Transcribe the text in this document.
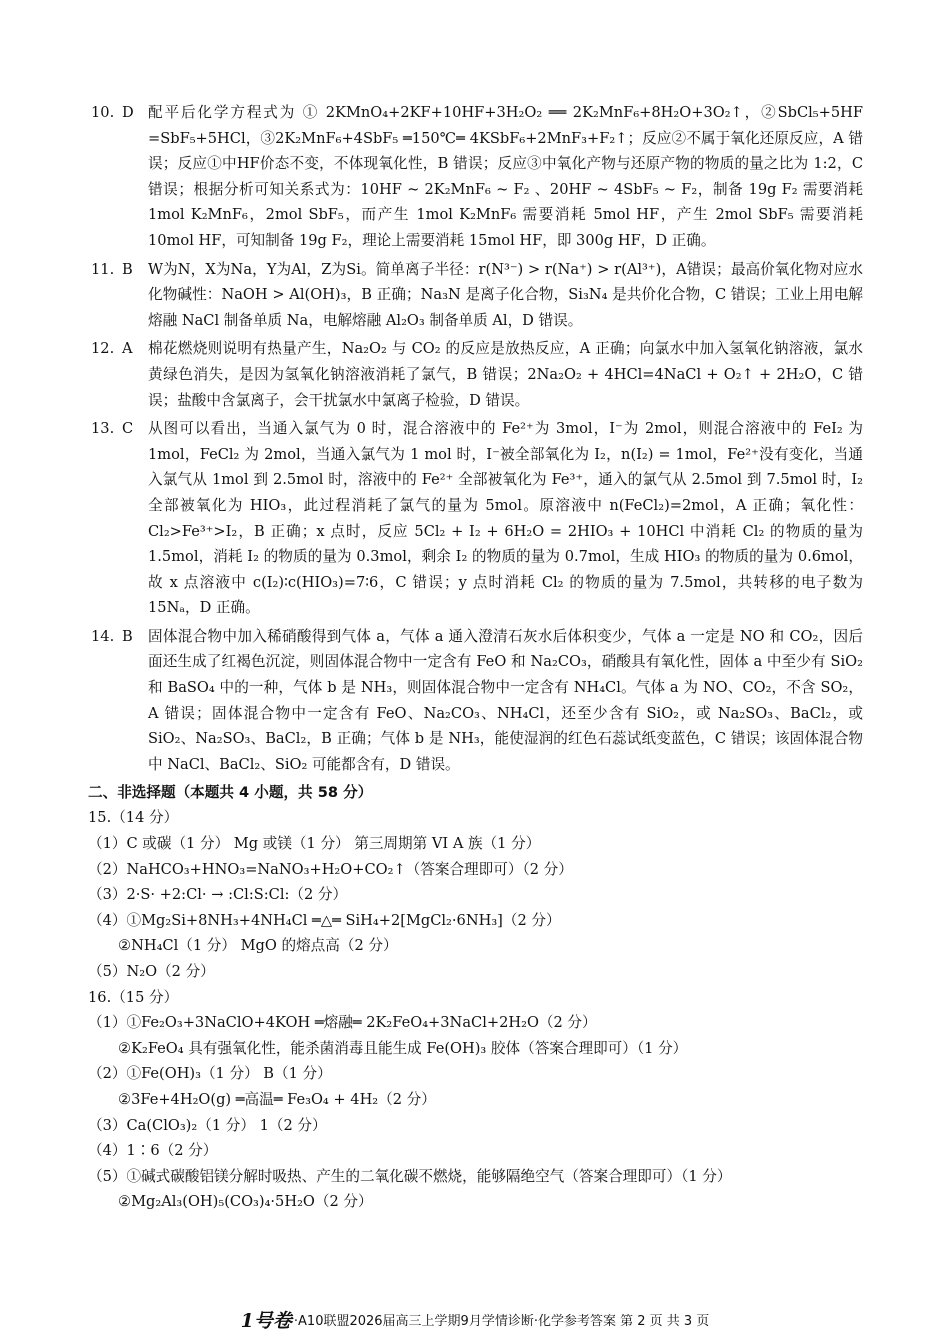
10. D 配平后化学方程式为 ① 2KMnO₄+2KF+10HF+3H₂O₂ ══ 2K₂MnF₆+8H₂O+3O₂↑，②SbCl₅+5HF =SbF₅+5HCl，③2K₂MnF₆+4SbF₅ ═150℃═ 4KSbF₆+2MnF₃+F₂↑；反应②不属于氧化还原反应，A 错误；反应①中HF价态不变，不体现氧化性，B 错误；反应③中氧化产物与还原产物的物质的量之比为 1:2，C 错误；根据分析可知关系式为：10HF ~ 2K₂MnF₆ ~ F₂ 、20HF ~ 4SbF₅ ~ F₂，制备 19g F₂ 需要消耗 1mol K₂MnF₆，2mol SbF₅，而产生 1mol K₂MnF₆ 需要消耗 5mol HF，产生 2mol SbF₅ 需要消耗 10mol HF，可知制备 19g F₂，理论上需要消耗 15mol HF，即 300g HF，D 正确。
11. B W为N，X为Na，Y为Al，Z为Si。简单离子半径：r(N³⁻) > r(Na⁺) > r(Al³⁺)，A错误；最高价氧化物对应水化物碱性：NaOH > Al(OH)₃，B 正确；Na₃N 是离子化合物，Si₃N₄ 是共价化合物，C 错误；工业上用电解熔融 NaCl 制备单质 Na，电解熔融 Al₂O₃ 制备单质 Al，D 错误。
12. A 棉花燃烧则说明有热量产生，Na₂O₂ 与 CO₂ 的反应是放热反应，A 正确；向氯水中加入氢氧化钠溶液，氯水黄绿色消失，是因为氢氧化钠溶液消耗了氯气，B 错误；2Na₂O₂ + 4HCl=4NaCl + O₂↑ + 2H₂O，C 错误；盐酸中含氯离子，会干扰氯水中氯离子检验，D 错误。
13. C 从图可以看出，当通入氯气为 0 时，混合溶液中的 Fe²⁺为 3mol，I⁻为 2mol，则混合溶液中的 FeI₂ 为 1mol，FeCl₂ 为 2mol，当通入氯气为 1 mol 时，I⁻被全部氧化为 I₂，n(I₂) = 1mol，Fe²⁺没有变化，当通入氯气从 1mol 到 2.5mol 时，溶液中的 Fe²⁺ 全部被氧化为 Fe³⁺，通入的氯气从 2.5mol 到 7.5mol 时，I₂ 全部被氧化为 HIO₃，此过程消耗了氯气的量为 5mol。原溶液中 n(FeCl₂)=2mol，A 正确；氧化性：Cl₂>Fe³⁺>I₂，B 正确；x 点时，反应 5Cl₂ + I₂ + 6H₂O = 2HIO₃ + 10HCl 中消耗 Cl₂ 的物质的量为 1.5mol，消耗 I₂ 的物质的量为 0.3mol，剩余 I₂ 的物质的量为 0.7mol，生成 HIO₃ 的物质的量为 0.6mol，故 x 点溶液中 c(I₂)∶c(HIO₃)=7∶6，C 错误；y 点时消耗 Cl₂ 的物质的量为 7.5mol，共转移的电子数为 15Nₐ，D 正确。
14. B 固体混合物中加入稀硝酸得到气体 a，气体 a 通入澄清石灰水后体积变少，气体 a 一定是 NO 和 CO₂，因后面还生成了红褐色沉淀，则固体混合物中一定含有 FeO 和 Na₂CO₃，硝酸具有氧化性，固体 a 中至少有 SiO₂ 和 BaSO₄ 中的一种，气体 b 是 NH₃，则固体混合物中一定含有 NH₄Cl。气体 a 为 NO、CO₂，不含 SO₂，A 错误；固体混合物中一定含有 FeO、Na₂CO₃、NH₄Cl，还至少含有 SiO₂，或 Na₂SO₃、BaCl₂，或 SiO₂、Na₂SO₃、BaCl₂，B 正确；气体 b 是 NH₃，能使湿润的红色石蕊试纸变蓝色，C 错误；该固体混合物中 NaCl、BaCl₂、SiO₂ 可能都含有，D 错误。
二、非选择题（本题共 4 小题，共 58 分）
15.（14 分）
（1）C 或碳（1 分） Mg 或镁（1 分） 第三周期第 VI A 族（1 分）
（2）NaHCO₃+HNO₃=NaNO₃+H₂O+CO₂↑（答案合理即可）（2 分）
（3）2·S· +2:Cl· → :Cl:S:Cl:（2 分）
（4）①Mg₂Si+8NH₃+4NH₄Cl ═△═ SiH₄+2[MgCl₂·6NH₃]（2 分）
②NH₄Cl（1 分） MgO 的熔点高（2 分）
（5）N₂O（2 分）
16.（15 分）
（1）①Fe₂O₃+3NaClO+4KOH ═熔融═ 2K₂FeO₄+3NaCl+2H₂O（2 分）
②K₂FeO₄ 具有强氧化性，能杀菌消毒且能生成 Fe(OH)₃ 胶体（答案合理即可）（1 分）
（2）①Fe(OH)₃（1 分） B（1 分）
②3Fe+4H₂O(g) ═高温═ Fe₃O₄ + 4H₂（2 分）
（3）Ca(ClO₃)₂（1 分） 1（2 分）
（4）1∶6（2 分）
（5）①碱式碳酸铝镁分解时吸热、产生的二氧化碳不燃烧，能够隔绝空气（答案合理即可）（1 分）
②Mg₂Al₃(OH)₅(CO₃)₄·5H₂O（2 分）
1号卷 ·A10联盟2026届高三上学期9月学情诊断·化学参考答案 第 2 页 共 3 页
